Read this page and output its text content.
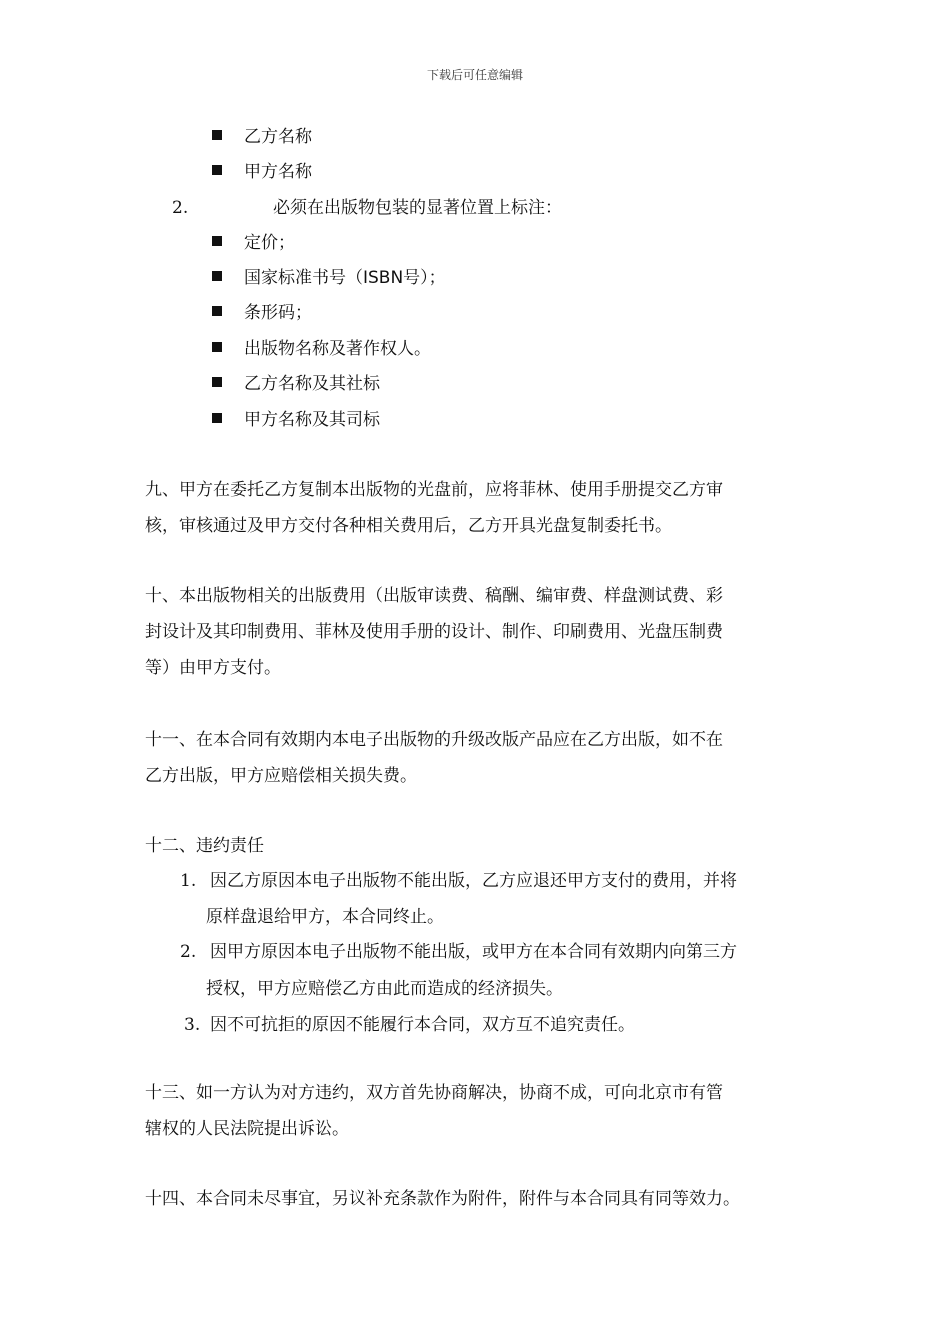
下载后可任意编辑
乙方名称
甲方名称
2.	必须在出版物包装的显著位置上标注：
定价；
国家标准书号（ISBN号）；
条形码；
出版物名称及著作权人。
乙方名称及其社标
甲方名称及其司标

九、甲方在委托乙方复制本出版物的光盘前，应将菲林、使用手册提交乙方审

核，审核通过及甲方交付各种相关费用后，乙方开具光盘复制委托书。

十、本出版物相关的出版费用（出版审读费、稿酬、编审费、样盘测试费、彩

封设计及其印制费用、菲林及使用手册的设计、制作、印刷费用、光盘压制费

等）由甲方支付。

十一、在本合同有效期内本电子出版物的升级改版产品应在乙方出版，如不在

乙方出版，甲方应赔偿相关损失费。

十二、违约责任

1. 因乙方原因本电子出版物不能出版，乙方应退还甲方支付的费用，并将
原样盘退给甲方，本合同终止。
2. 因甲方原因本电子出版物不能出版，或甲方在本合同有效期内向第三方
授权，甲方应赔偿乙方由此而造成的经济损失。
3. 因不可抗拒的原因不能履行本合同，双方互不追究责任。

十三、如一方认为对方违约，双方首先协商解决，协商不成，可向北京市有管

辖权的人民法院提出诉讼。

十四、本合同未尽事宜，另议补充条款作为附件，附件与本合同具有同等效力。
